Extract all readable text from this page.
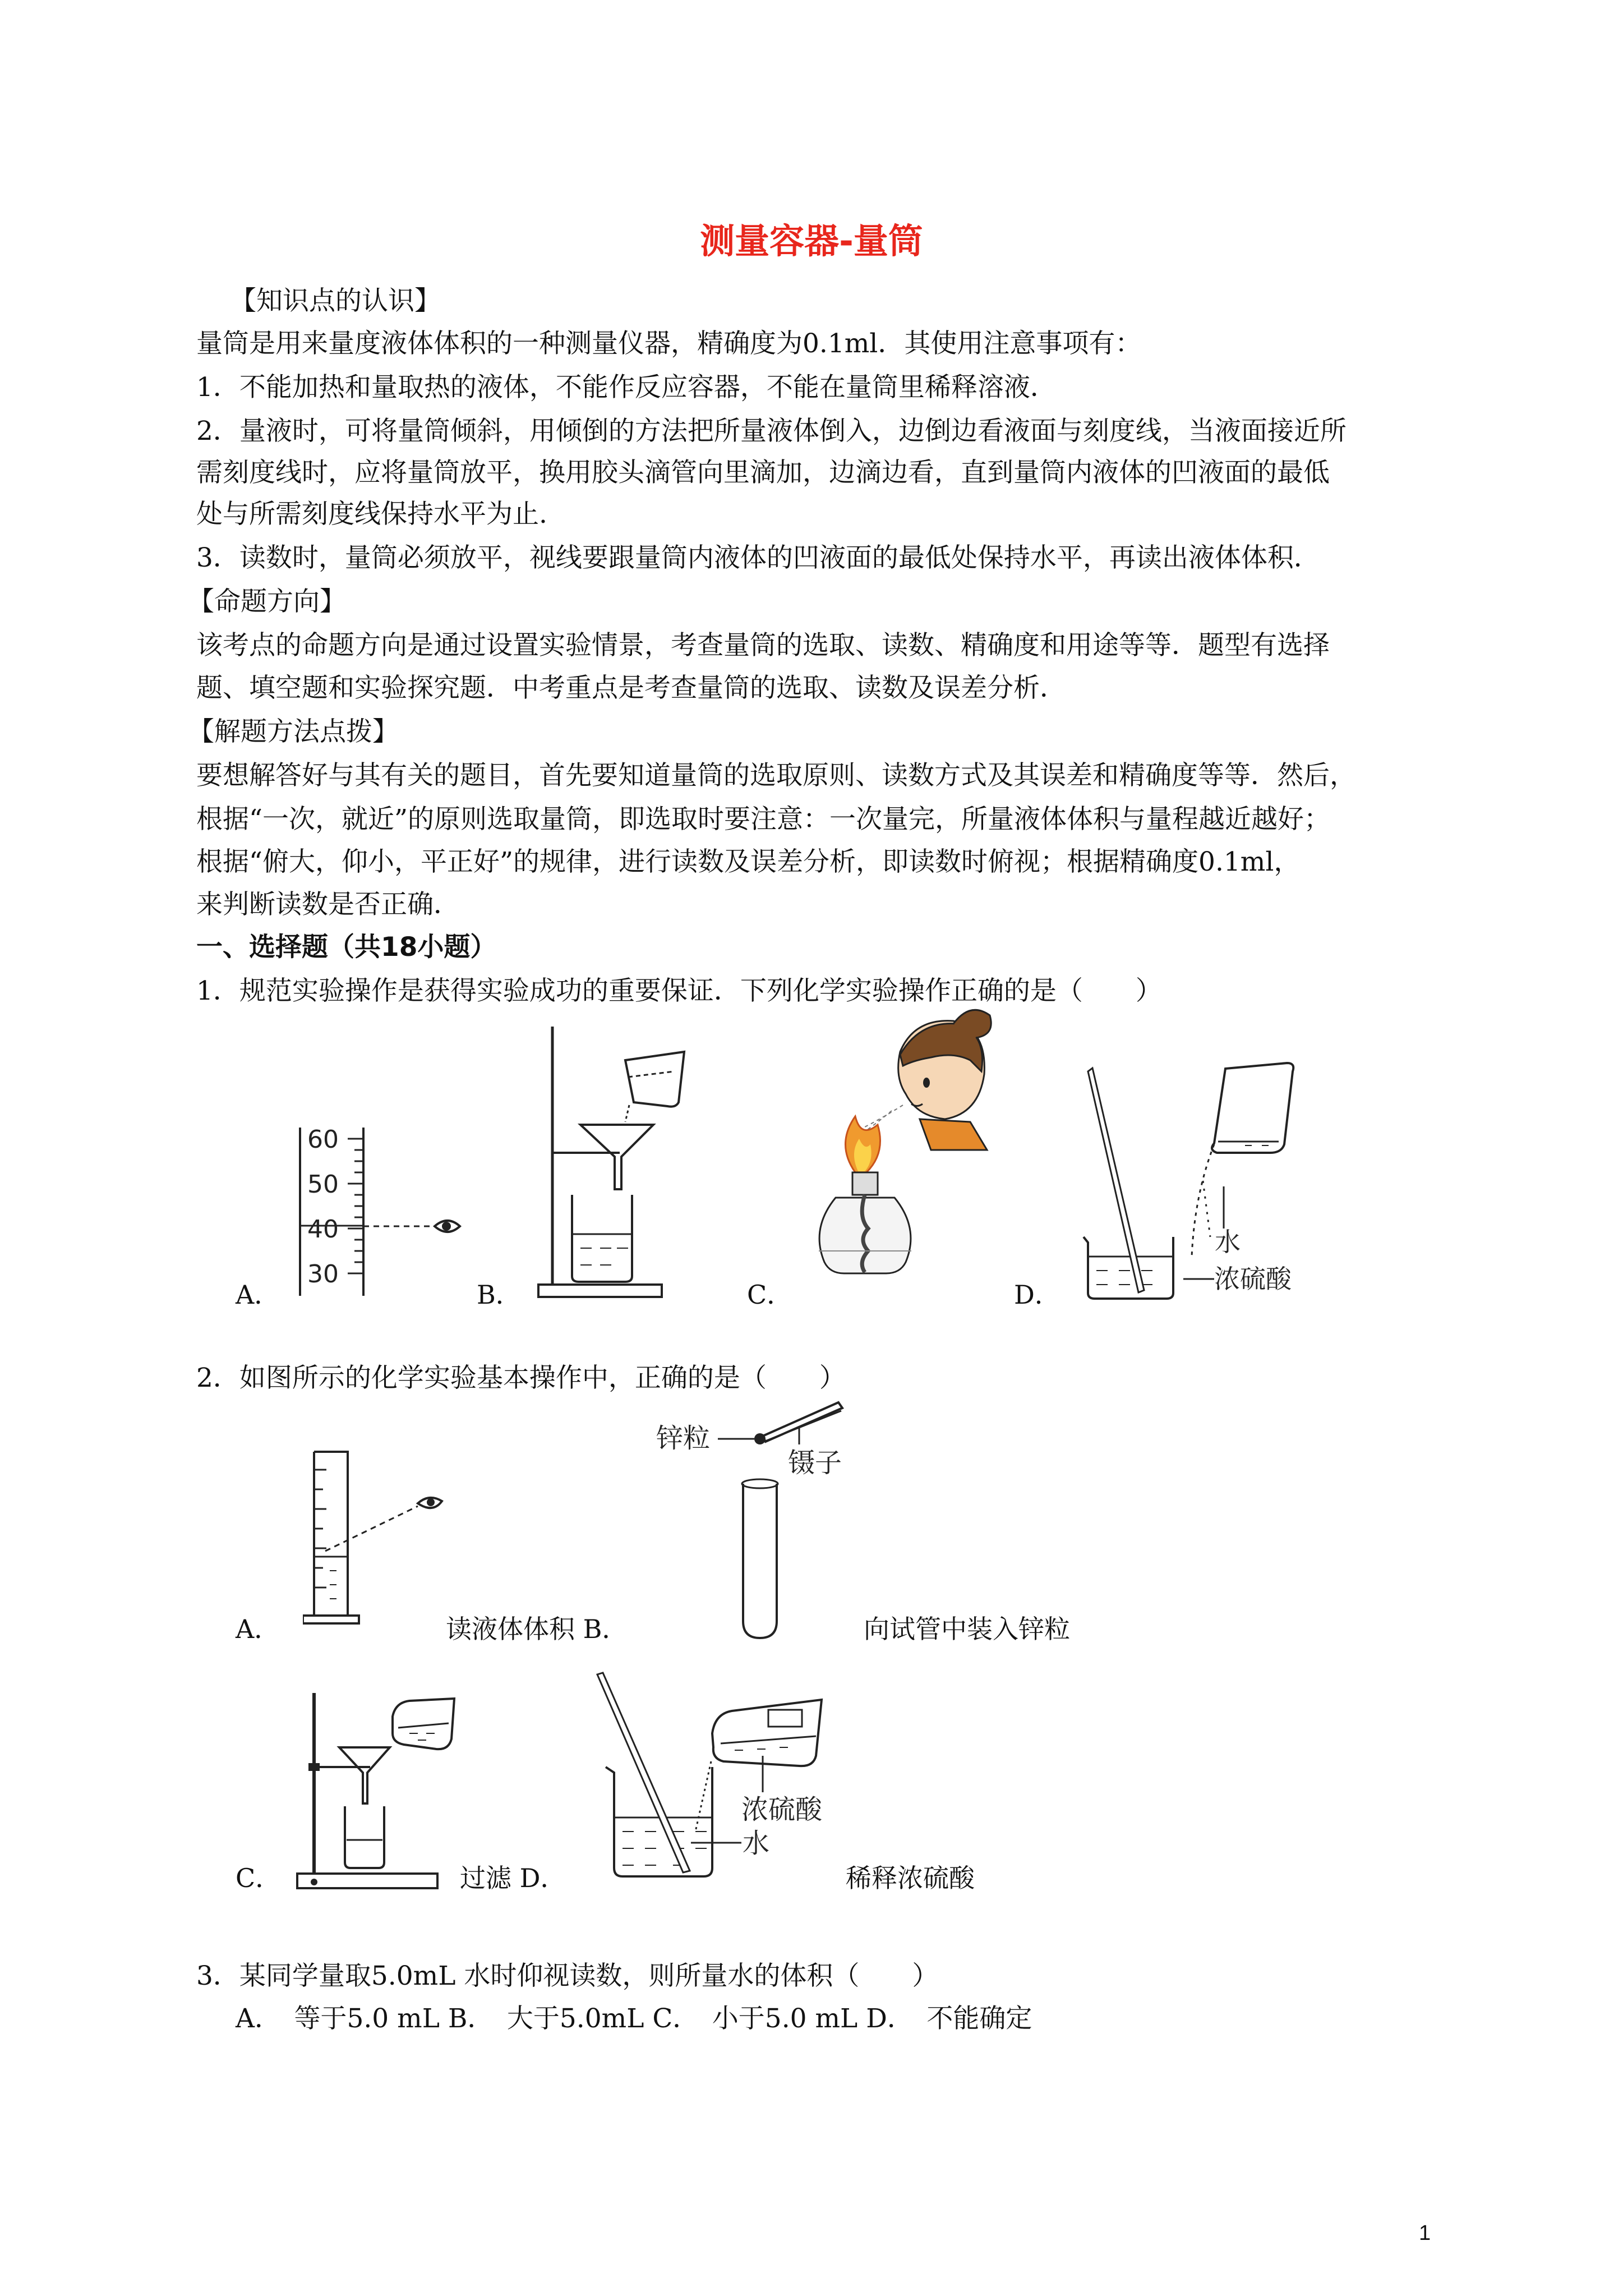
测量容器-量筒
【知识点的认识】
量筒是用来量度液体体积的一种测量仪器，精确度为0.1ml．其使用注意事项有：
1．不能加热和量取热的液体，不能作反应容器，不能在量筒里稀释溶液．
2．量液时，可将量筒倾斜，用倾倒的方法把所量液体倒入，边倒边看液面与刻度线，当液面接近所
需刻度线时，应将量筒放平，换用胶头滴管向里滴加，边滴边看，直到量筒内液体的凹液面的最低
处与所需刻度线保持水平为止.
3．读数时，量筒必须放平，视线要跟量筒内液体的凹液面的最低处保持水平，再读出液体体积．
【命题方向】
该考点的命题方向是通过设置实验情景，考查量筒的选取、读数、精确度和用途等等．题型有选择
题、填空题和实验探究题．中考重点是考查量筒的选取、读数及误差分析．
【解题方法点拨】
要想解答好与其有关的题目，首先要知道量筒的选取原则、读数方式及其误差和精确度等等．然后，
根据“一次，就近”的原则选取量筒，即选取时要注意：一次量完，所量液体体积与量程越近越好；
根据“俯大，仰小，平正好”的规律，进行读数及误差分析，即读数时俯视；根据精确度0.1ml，
来判断读数是否正确．
一、选择题（共18小题）
1．规范实验操作是获得实验成功的重要保证．下列化学实验操作正确的是（　　）
A．	B．	C．	D．
60
50
40
30
水
浓硫酸
2．如图所示的化学实验基本操作中，正确的是（　　）
A．	读液体体积 B．	向试管中装入锌粒
锌粒
镊子
C．	过滤 D．	稀释浓硫酸
浓硫酸
水
3．某同学量取5.0mL 水时仰视读数，则所量水的体积（　　）
A．　等于5.0 mL B．　大于5.0mL C．　小于5.0 mL D．　不能确定
1
